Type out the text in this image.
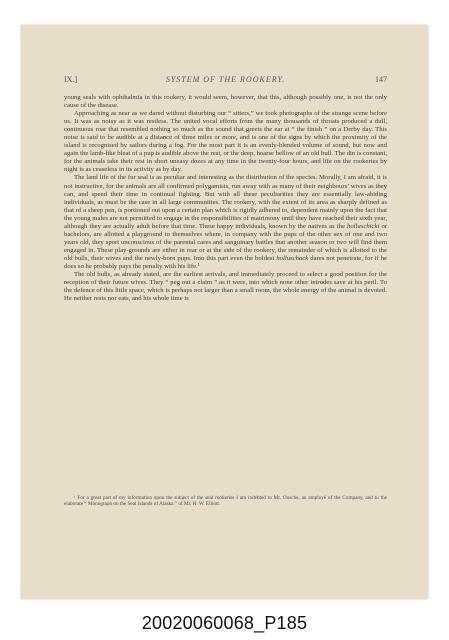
IX.]	SYSTEM OF THE ROOKERY.	147

young seals with ophthalmia in this rookery, it would seem, however, that this, although possibly one, is not the only cause of the disease.

Approaching as near as we dared without disturbing our “ sitters,” we took photographs of the strange scene before us. It was as noisy as it was restless. The united vocal efforts from the many thousands of throats produced a dull, continuous roar that resembled nothing so much as the sound that greets the ear at “ the finish ” on a Derby day. This noise is said to be audible at a distance of three miles or more, and is one of the signs by which the proximity of the island is recognised by sailors during a fog. For the most part it is an evenly-blended volume of sound, but now and again the lamb-like bleat of a pup is audible above the rest, or the deep, hoarse bellow of an old bull. The din is constant, for the animals take their rest in short uneasy dozes at any time in the twenty-four hours, and life on the rookeries by night is as ceaseless in its activity as by day.

The land life of the fur seal is as peculiar and interesting as the distribution of the species. Morally, I am afraid, it is not instructive, for the animals are all confirmed polygamists, run away with as many of their neighbours’ wives as they can, and spend their time in continual fighting. But with all these peculiarities they are essentially law-abiding individuals, as must be the case in all large communities. The rookery, with the extent of its area as sharply defined as that of a sheep pen, is portioned out upon a certain plan which is rigidly adhered to, dependent mainly upon the fact that the young males are not permitted to engage in the responsibilities of matrimony until they have reached their sixth year, although they are actually adult before that time. These happy individuals, known by the natives as the holluschicki or bachelors, are allotted a playground to themselves where, in company with the pups of the other sex of one and two years old, they sport unconscious of the parental cares and sanguinary battles that another season or two will find them engaged in. These play-grounds are either in rear or at the side of the rookery, the remainder of which is allotted to the old bulls, their wives and the newly-born pups. Into this part even the boldest holluschack dares not penetrate, for if he does so he probably pays the penalty with his life.¹

The old bulls, as already stated, are the earliest arrivals, and immediately proceed to select a good position for the reception of their future wives. They “ peg out a claim ” as it were, into which none other intrudes save at his peril. To the defence of this little space, which is perhaps not larger than a small room, the whole energy of the animal is devoted. He neither rests nor eats, and his whole time is

¹ For a great part of my information upon the subject of the seal rookeries I am indebted to Mr. Ousche, an employé of the Company, and to the elaborate “ Monograph on the Seal Islands of Alaska ” of Mr. H. W. Elliott.
20020060068_P185
